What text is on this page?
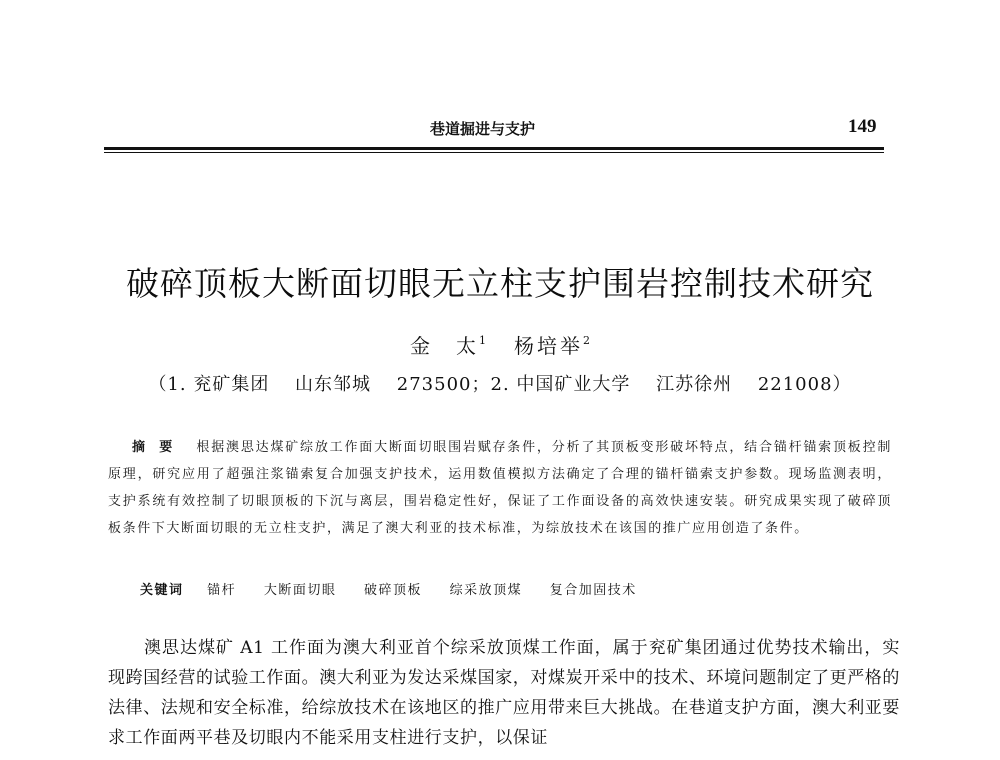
巷道掘进与支护	149
破碎顶板大断面切眼无立柱支护围岩控制技术研究
金　太$^1$ 杨培举$^2$
（1. 兖矿集团　 山东邹城　 273500；2. 中国矿业大学　 江苏徐州　 221008）
摘要 根据澳思达煤矿综放工作面大断面切眼围岩赋存条件，分析了其顶板变形破坏特点，结合锚杆锚索顶板控制原理，研究应用了超强注浆锚索复合加强支护技术，运用数值模拟方法确定了合理的锚杆锚索支护参数。现场监测表明，支护系统有效控制了切眼顶板的下沉与离层，围岩稳定性好，保证了工作面设备的高效快速安装。研究成果实现了破碎顶板条件下大断面切眼的无立柱支护，满足了澳大利亚的技术标准，为综放技术在该国的推广应用创造了条件。
关键词 锚杆 大断面切眼 破碎顶板 综采放顶煤 复合加固技术
澳思达煤矿 A1 工作面为澳大利亚首个综采放顶煤工作面，属于兖矿集团通过优势技术输出，实现跨国经营的试验工作面。澳大利亚为发达采煤国家，对煤炭开采中的技术、环境问题制定了更严格的法律、法规和安全标准，给综放技术在该地区的推广应用带来巨大挑战。在巷道支护方面，澳大利亚要求工作面两平巷及切眼内不能采用支柱进行支护，以保证
